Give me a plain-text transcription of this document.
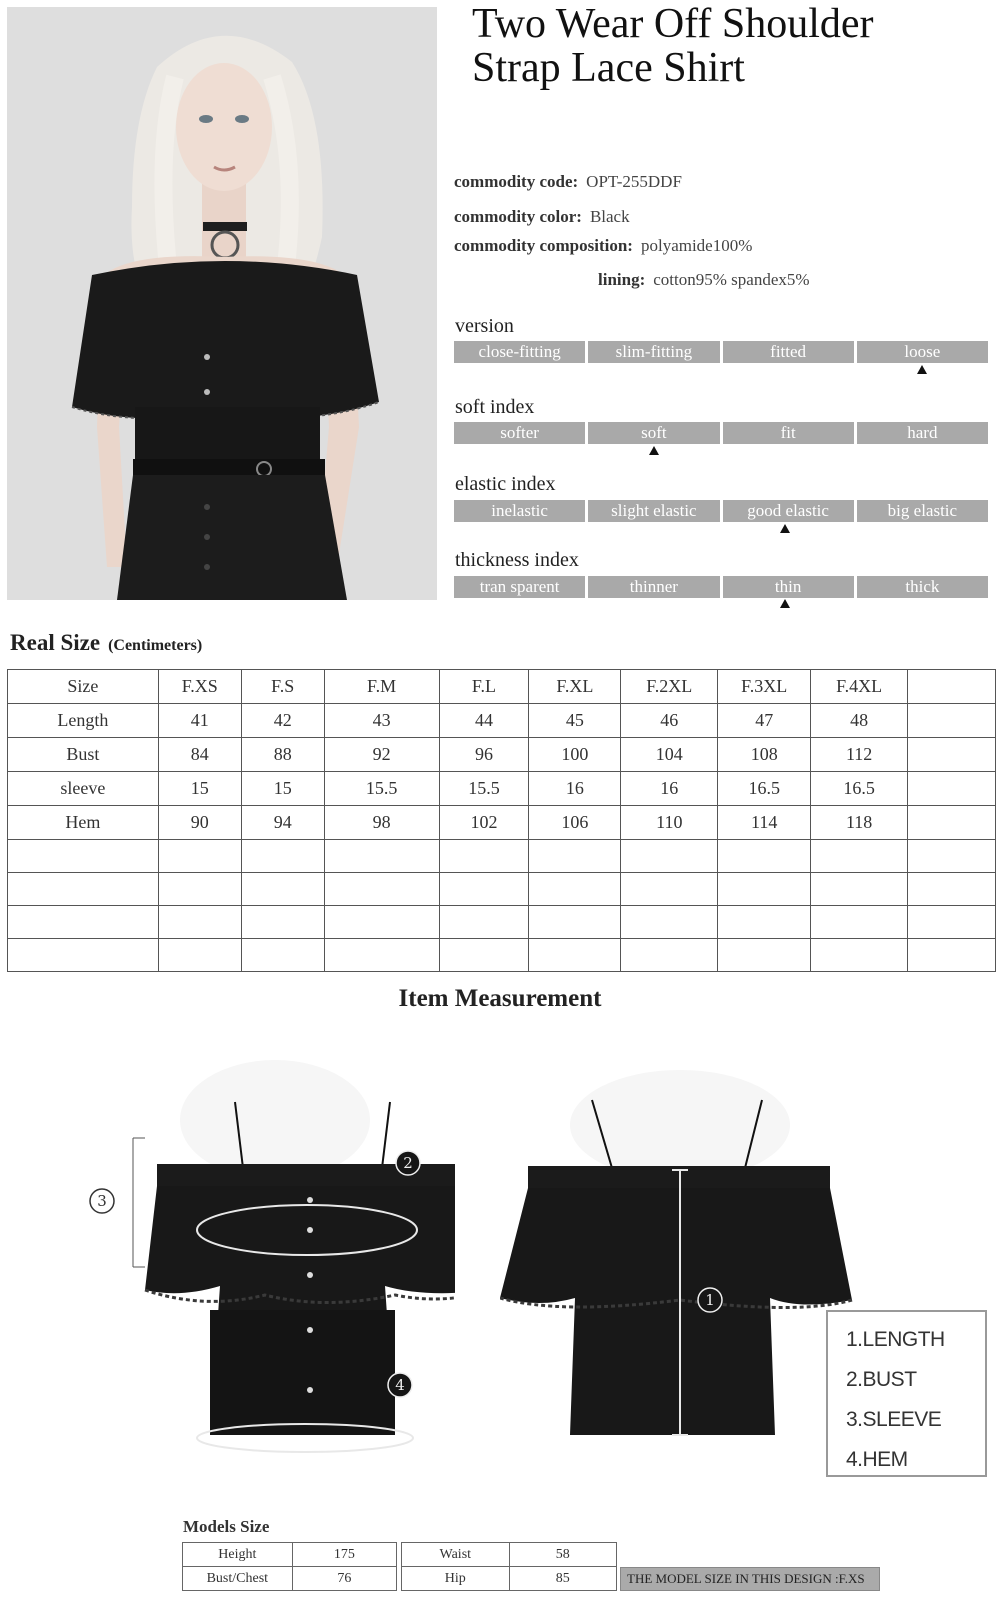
Two Wear Off Shoulder
Strap Lace Shirt
commodity code: OPT-255DDF
commodity color: Black
commodity composition: polyamide100%
lining: cotton95% spandex5%
version
close-fitting	slim-fitting	fitted	loose
soft index
softer	soft	fit	hard
elastic index
inelastic	slight elastic	good elastic	big elastic
thickness index
tran sparent	thinner	thin	thick
Real Size (Centimeters)
Size	F.XS	F.S	F.M	F.L	F.XL	F.2XL	F.3XL	F.4XL	
Length	41	42	43	44	45	46	47	48	
Bust	84	88	92	96	100	104	108	112	
sleeve	15	15	15.5	15.5	16	16	16.5	16.5	
Hem	90	94	98	102	106	110	114	118	

Item Measurement
3
2
4
1
1.LENGTH
2.BUST
3.SLEEVE
4.HEM
Models Size
Height	175
Bust/Chest	76
Waist	58
Hip	85	THE MODEL SIZE IN THIS DESIGN :F.XS
